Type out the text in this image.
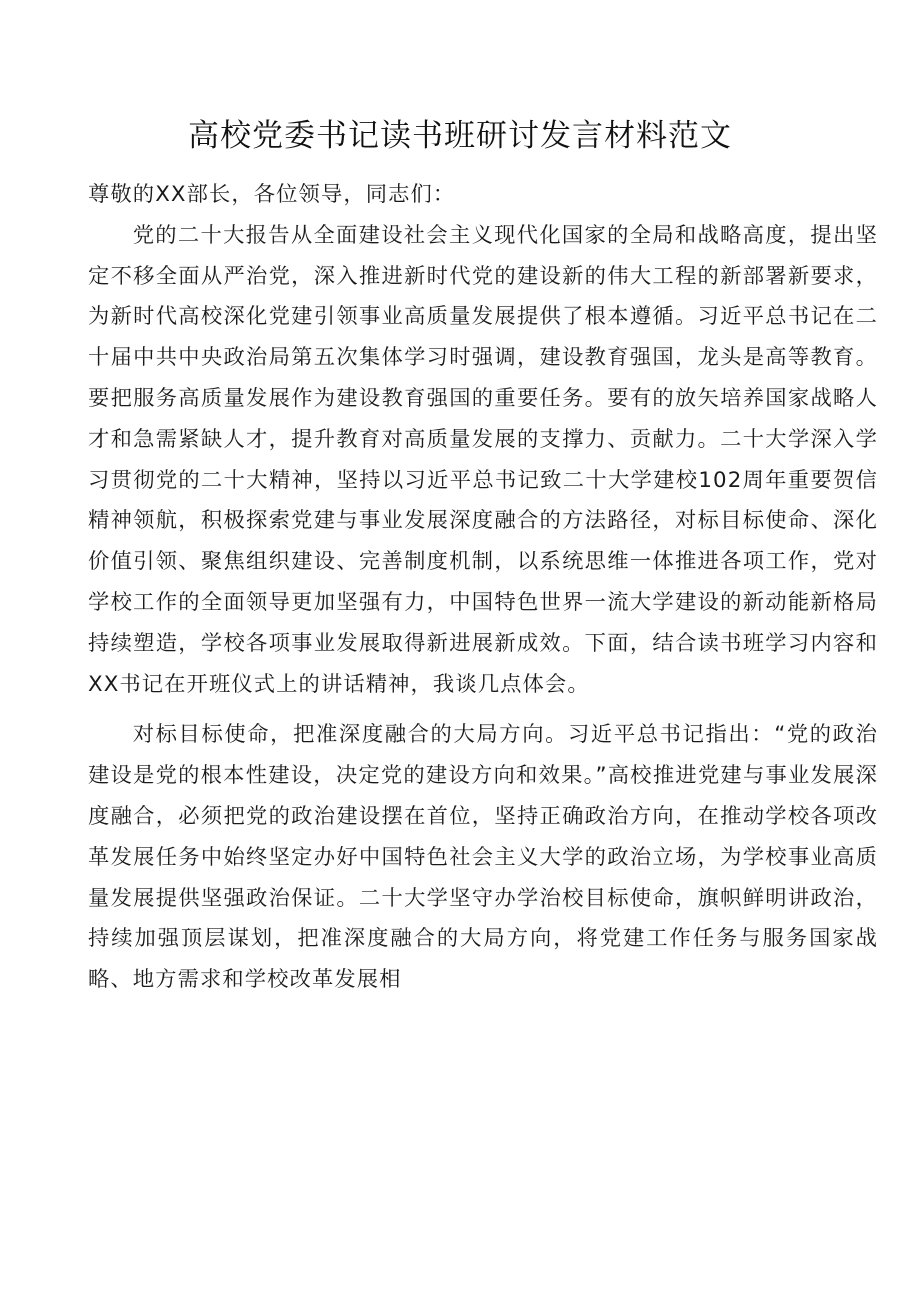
高校党委书记读书班研讨发言材料范文

尊敬的XX部长，各位领导，同志们：

党的二十大报告从全面建设社会主义现代化国家的全局和战略高度，提出坚定不移全面从严治党，深入推进新时代党的建设新的伟大工程的新部署新要求，为新时代高校深化党建引领事业高质量发展提供了根本遵循。习近平总书记在二十届中共中央政治局第五次集体学习时强调，建设教育强国，龙头是高等教育。要把服务高质量发展作为建设教育强国的重要任务。要有的放矢培养国家战略人才和急需紧缺人才，提升教育对高质量发展的支撑力、贡献力。二十大学深入学习贯彻党的二十大精神，坚持以习近平总书记致二十大学建校102周年重要贺信精神领航，积极探索党建与事业发展深度融合的方法路径，对标目标使命、深化价值引领、聚焦组织建设、完善制度机制，以系统思维一体推进各项工作，党对学校工作的全面领导更加坚强有力，中国特色世界一流大学建设的新动能新格局持续塑造，学校各项事业发展取得新进展新成效。下面，结合读书班学习内容和XX书记在开班仪式上的讲话精神，我谈几点体会。

对标目标使命，把准深度融合的大局方向。习近平总书记指出：“党的政治建设是党的根本性建设，决定党的建设方向和效果。”高校推进党建与事业发展深度融合，必须把党的政治建设摆在首位，坚持正确政治方向，在推动学校各项改革发展任务中始终坚定办好中国特色社会主义大学的政治立场，为学校事业高质量发展提供坚强政治保证。二十大学坚守办学治校目标使命，旗帜鲜明讲政治，持续加强顶层谋划，把准深度融合的大局方向，将党建工作任务与服务国家战略、地方需求和学校改革发展相
